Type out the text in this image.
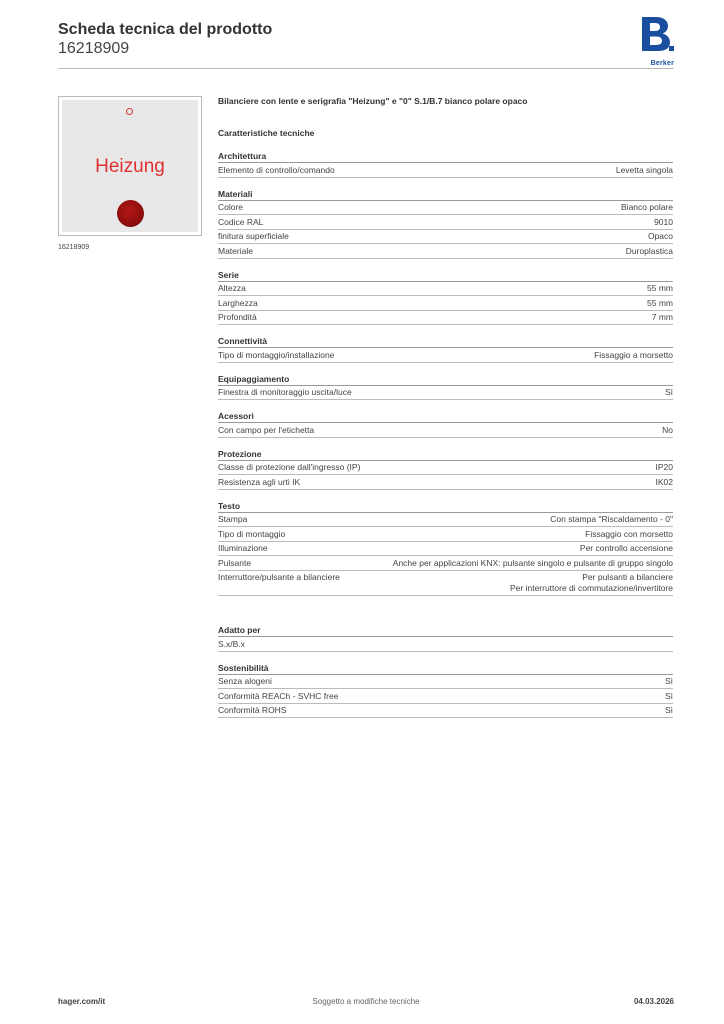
Scheda tecnica del prodotto
16218909
Berker
Heizung
16218909
Bilanciere con lente e serigrafia "Heizung" e "0" S.1/B.7 bianco polare opaco
Caratteristiche tecniche
Architettura
Elemento di controllo/comando	Levetta singola
Materiali
Colore	Bianco polare
Codice RAL	9010
finitura superficiale	Opaco
Materiale	Duroplastica
Serie
Altezza	55 mm
Larghezza	55 mm
Profondità	7 mm
Connettività
Tipo di montaggio/installazione	Fissaggio a morsetto
Equipaggiamento
Finestra di monitoraggio uscita/luce	Sì
Acessori
Con campo per l'etichetta	No
Protezione
Classe di protezione dall'ingresso (IP)	IP20
Resistenza agli urti IK	IK02
Testo
Stampa	Con stampa "Riscaldamento - 0"
Tipo di montaggio	Fissaggio con morsetto
Illuminazione	Per controllo accensione
Pulsante	Anche per applicazioni KNX: pulsante singolo e pulsante di gruppo singolo
Interruttore/pulsante a bilanciere	Per pulsanti a bilanciere
Per interruttore di commutazione/invertitore
Adatto per
S.x/B.x
Sostenibilità
Senza alogeni	Sì
Conformità REACh - SVHC free	Sì
Conformità ROHS	Sì
hager.com/it	Soggetto a modifiche tecniche	04.03.2026
